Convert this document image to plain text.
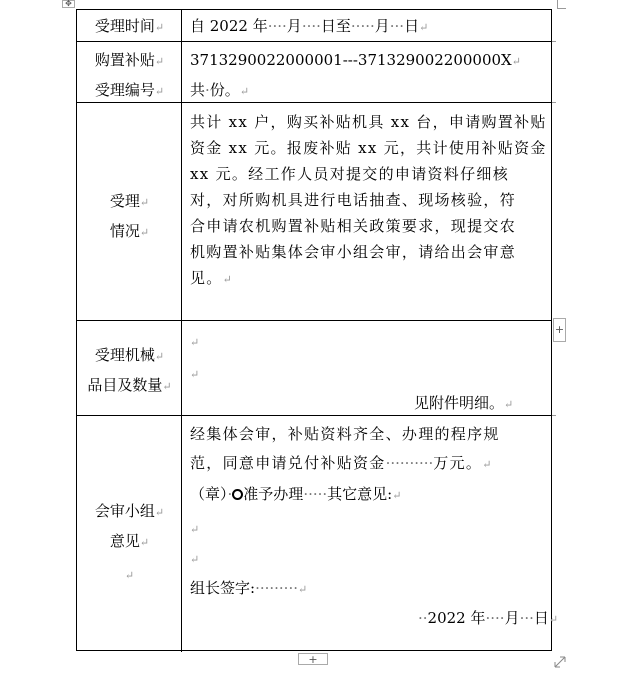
✥
受理时间↵	自 2022 年····月····日至·····月···日↵
购置补贴↵
受理编号↵
3713290022000001---371329002200000X↵
共·份。↵
受理↵
情况↵
共计 xx 户，购买补贴机具 xx 台，申请购置补贴
资金 xx 元。报废补贴 xx 元，共计使用补贴资金
xx 元。经工作人员对提交的申请资料仔细核
对，对所购机具进行电话抽查、现场核验，符
合申请农机购置补贴相关政策要求，现提交农
机购置补贴集体会审小组会审，请给出会审意
见。↵
受理机械↵
品目及数量↵
↵
↵
见附件明细。↵
会审小组↵
意见↵
↵
经集体会审，补贴资料齐全、办理的程序规
范，同意申请兑付补贴资金··········万元。↵
（章）· 准予办理·····其它意见:↵
↵
↵
组长签字:·········↵
··2022 年····月···日↵
+
+
